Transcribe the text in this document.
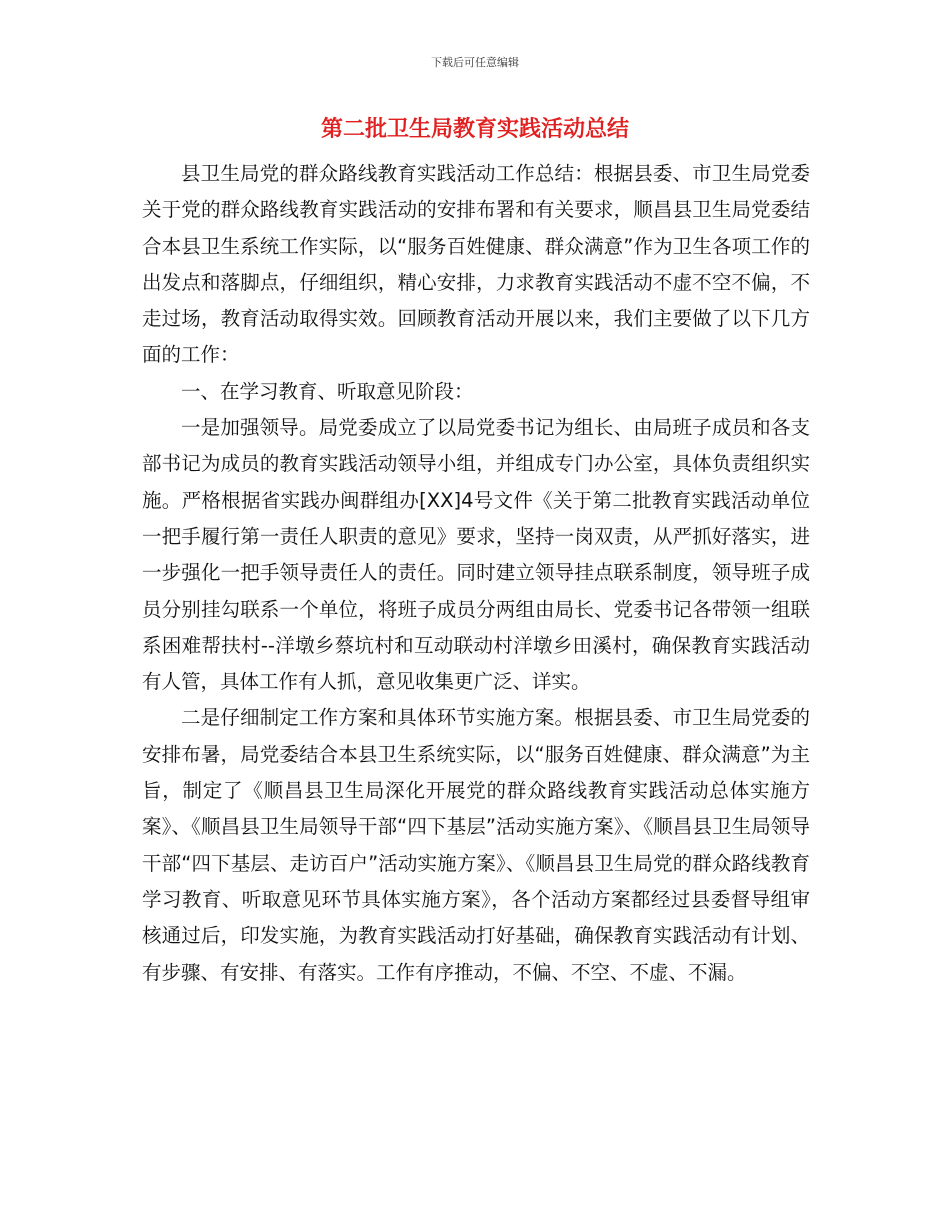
下载后可任意编辑
第二批卫生局教育实践活动总结

县卫生局党的群众路线教育实践活动工作总结：根据县委、市卫生局党委关于党的群众路线教育实践活动的安排布署和有关要求，顺昌县卫生局党委结合本县卫生系统工作实际，以“服务百姓健康、群众满意”作为卫生各项工作的出发点和落脚点，仔细组织，精心安排，力求教育实践活动不虚不空不偏，不走过场，教育活动取得实效。回顾教育活动开展以来，我们主要做了以下几方面的工作：

一、在学习教育、听取意见阶段：

一是加强领导。局党委成立了以局党委书记为组长、由局班子成员和各支部书记为成员的教育实践活动领导小组，并组成专门办公室，具体负责组织实施。严格根据省实践办闽群组办[XX]4号文件《关于第二批教育实践活动单位一把手履行第一责任人职责的意见》要求，坚持一岗双责，从严抓好落实，进一步强化一把手领导责任人的责任。同时建立领导挂点联系制度，领导班子成员分别挂勾联系一个单位，将班子成员分两组由局长、党委书记各带领一组联系困难帮扶村--洋墩乡蔡坑村和互动联动村洋墩乡田溪村，确保教育实践活动有人管，具体工作有人抓，意见收集更广泛、详实。

二是仔细制定工作方案和具体环节实施方案。根据县委、市卫生局党委的安排布暑，局党委结合本县卫生系统实际，以“服务百姓健康、群众满意”为主旨，制定了《顺昌县卫生局深化开展党的群众路线教育实践活动总体实施方案》、《顺昌县卫生局领导干部“四下基层”活动实施方案》、《顺昌县卫生局领导干部“四下基层、走访百户”活动实施方案》、《顺昌县卫生局党的群众路线教育学习教育、听取意见环节具体实施方案》，各个活动方案都经过县委督导组审核通过后，印发实施，为教育实践活动打好基础，确保教育实践活动有计划、有步骤、有安排、有落实。工作有序推动，不偏、不空、不虚、不漏。
